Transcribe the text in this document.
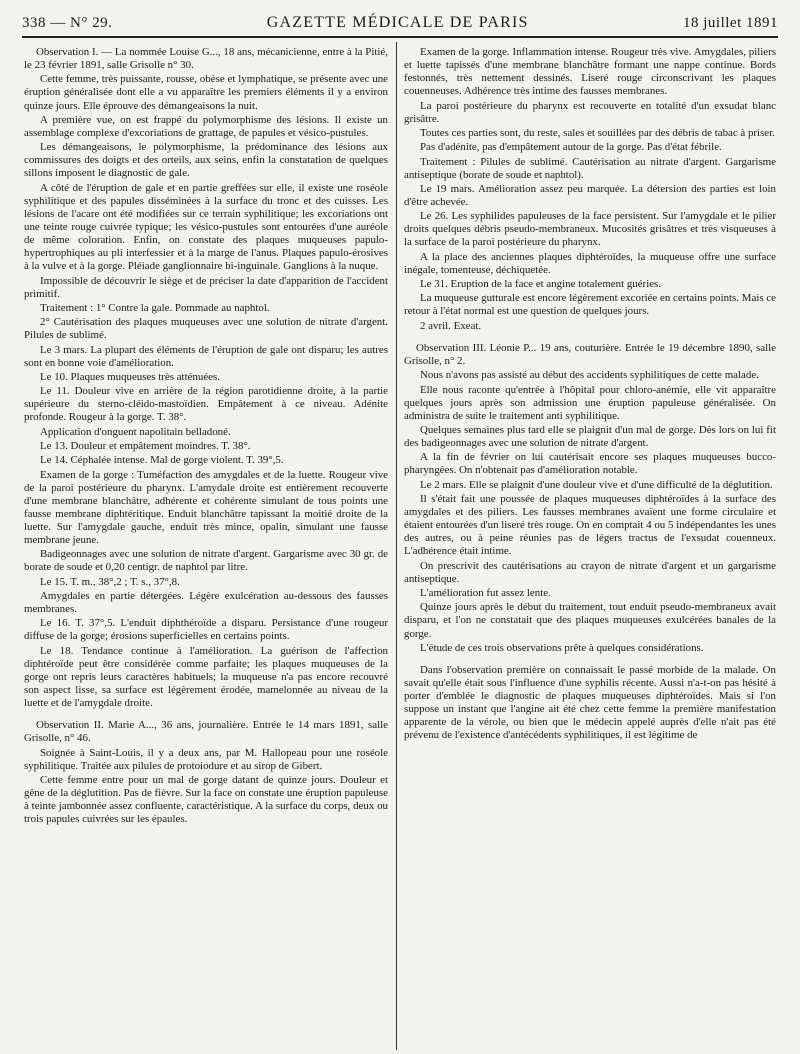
338 — N° 29.	GAZETTE MÉDICALE DE PARIS	18 juillet 1891

Observation I. — La nommée Louise G..., 18 ans, mécanicienne, entre à la Pitié, le 23 février 1891, salle Grisolle n° 30.

Cette femme, très puissante, rousse, obèse et lymphatique, se présente avec une éruption généralisée dont elle a vu apparaître les premiers éléments il y a environ quinze jours. Elle éprouve des démangeaisons la nuit.

A première vue, on est frappé du polymorphisme des lésions. Il existe un assemblage complexe d'excoriations de grattage, de papules et vésico-pustules.

Les démangeaisons, le polymorphisme, la prédominance des lésions aux commissures des doigts et des orteils, aux seins, enfin la constatation de quelques sillons imposent le diagnostic de gale.

A côté de l'éruption de gale et en partie greffées sur elle, il existe une roséole syphilitique et des papules disséminées à la surface du tronc et des cuisses. Les lésions de l'acare ont été modifiées sur ce terrain syphilitique; les excoriations ont une teinte rouge cuivrée typique; les vésico-pustules sont entourées d'une auréole de même coloration. Enfin, on constate des plaques muqueuses papulo-hypertrophiques au pli interfessier et à la marge de l'anus. Plaques papulo-érosives à la vulve et à la gorge. Pléiade ganglionnaire bi-inguinale. Ganglions à la nuque.

Impossible de découvrir le siège et de préciser la date d'apparition de l'accident primitif.

Traitement : 1° Contre la gale. Pommade au naphtol.

2° Cautérisation des plaques muqueuses avec une solution de nitrate d'argent. Pilules de sublimé.

Le 3 mars. La plupart des éléments de l'éruption de gale ont disparu; les autres sont en bonne voie d'amélioration.

Le 10. Plaques muqueuses très atténuées.

Le 11. Douleur vive en arrière de la région parotidienne droite, à la partie supérieure du sterno-cléido-mastoïdien. Empâtement à ce niveau. Adénite profonde. Rougeur à la gorge. T. 38°.

Application d'onguent napolitain belladoné.

Le 13. Douleur et empâtement moindres. T. 38°.

Le 14. Céphalée intense. Mal de gorge violent. T. 39°,5.

Examen de la gorge : Tuméfaction des amygdales et de la luette. Rougeur vive de la paroi postérieure du pharynx. L'amydale droite est entièrement recouverte d'une membrane blanchâtre, adhérente et cohérente simulant de tous points une fausse membrane diphtéritique. Enduit blanchâtre tapissant la moitié droite de la luette. Sur l'amygdale gauche, enduit très mince, opalin, simulant une fausse membrane jeune.

Badigeonnages avec une solution de nitrate d'argent. Gargarisme avec 30 gr. de borate de soude et 0,20 centigr. de naphtol par litre.

Le 15. T. m., 38°,2 ; T. s., 37°,8.

Amygdales en partie détergées. Légère exulcération au-dessous des fausses membranes.

Le 16. T. 37°,5. L'enduit diphthéroïde a disparu. Persistance d'une rougeur diffuse de la gorge; érosions superficielles en certains points.

Le 18. Tendance continue à l'amélioration. La guérison de l'affection diphtéroïde peut être considérée comme parfaite; les plaques muqueuses de la gorge ont repris leurs caractères habituels; la muqueuse n'a pas encore recouvré son aspect lisse, sa surface est légèrement érodée, mamelonnée au niveau de la luette et de l'amygdale droite.

Observation II. Marie A..., 36 ans, journalière. Entrée le 14 mars 1891, salle Grisolle, n° 46.

Soignée à Saint-Louis, il y a deux ans, par M. Hallopeau pour une roséole syphilitique. Traitée aux pilules de protoiodure et au sirop de Gibert.

Cette femme entre pour un mal de gorge datant de quinze jours. Douleur et gêne de la déglutition. Pas de fièvre. Sur la face on constate une éruption papuleuse à teinte jambonnée assez confluente, caractéristique. A la surface du corps, deux ou trois papules cuivrées sur les épaules.

Examen de la gorge. Inflammation intense. Rougeur très vive. Amygdales, piliers et luette tapissés d'une membrane blanchâtre formant une nappe continue. Bords festonnés, très nettement dessinés. Liseré rouge circonscrivant les plaques couenneuses. Adhérence très intime des fausses membranes.

La paroi postérieure du pharynx est recouverte en totalité d'un exsudat blanc grisâtre.

Toutes ces parties sont, du reste, sales et souillées par des débris de tabac à priser.

Pas d'adénite, pas d'empâtement autour de la gorge. Pas d'état fébrile.

Traitement : Pilules de sublimé. Cautérisation au nitrate d'argent. Gargarisme antiseptique (borate de soude et naphtol).

Le 19 mars. Amélioration assez peu marquée. La détersion des parties est loin d'être achevée.

Le 26. Les syphilides papuleuses de la face persistent. Sur l'amygdale et le pilier droits quelques débris pseudo-membraneux. Mucosités grisâtres et très visqueuses à la surface de la paroi postérieure du pharynx.

A la place des anciennes plaques diphtéroïdes, la muqueuse offre une surface inégale, tomenteuse, déchiquetée.

Le 31. Eruption de la face et angine totalement guéries.

La muqueuse gutturale est encore légèrement excoriée en certains points. Mais ce retour à l'état normal est une question de quelques jours.

2 avril. Exeat.

Observation III. Léonie P... 19 ans, couturière. Entrée le 19 décembre 1890, salle Grisolle, n° 2.

Nous n'avons pas assisté au début des accidents syphilitiques de cette malade.

Elle nous raconte qu'entrée à l'hôpital pour chloro-anémie, elle vit apparaître quelques jours après son admission une éruption papuleuse généralisée. On administra de suite le traitement anti syphilitique.

Quelques semaines plus tard elle se plaignit d'un mal de gorge. Dès lors on lui fit des badigeonnages avec une solution de nitrate d'argent.

A la fin de février on lui cautérisait encore ses plaques muqueuses bucco-pharyngées. On n'obtenait pas d'amélioration notable.

Le 2 mars. Elle se plaignit d'une douleur vive et d'une difficulté de la déglutition.

Il s'était fait une poussée de plaques muqueuses diphtéroïdes à la surface des amygdales et des piliers. Les fausses membranes avaient une forme circulaire et étaient entourées d'un liseré très rouge. On en comptait 4 ou 5 indépendantes les unes des autres, ou à peine réunies pas de légers tractus de l'exsudat couenneux. L'adhérence était intime.

On prescrivit des cautérisations au crayon de nitrate d'argent et un gargarisme antiseptique.

L'amélioration fut assez lente.

Quinze jours après le début du traitement, tout enduit pseudo-membraneux avait disparu, et l'on ne constatait que des plaques muqueuses exulcérées banales de la gorge.

L'étude de ces trois observations prête à quelques considérations.

Dans l'observation première on connaissait le passé morbide de la malade. On savait qu'elle était sous l'influence d'une syphilis récente. Aussi n'a-t-on pas hésité à porter d'emblée le diagnostic de plaques muqueuses diphtéroïdes. Mais si l'on suppose un instant que l'angine ait été chez cette femme la première manifestation apparente de la vérole, ou bien que le médecin appelé auprès d'elle n'ait pas été prévenu de l'existence d'antécédents syphilitiques, il est légitime de
